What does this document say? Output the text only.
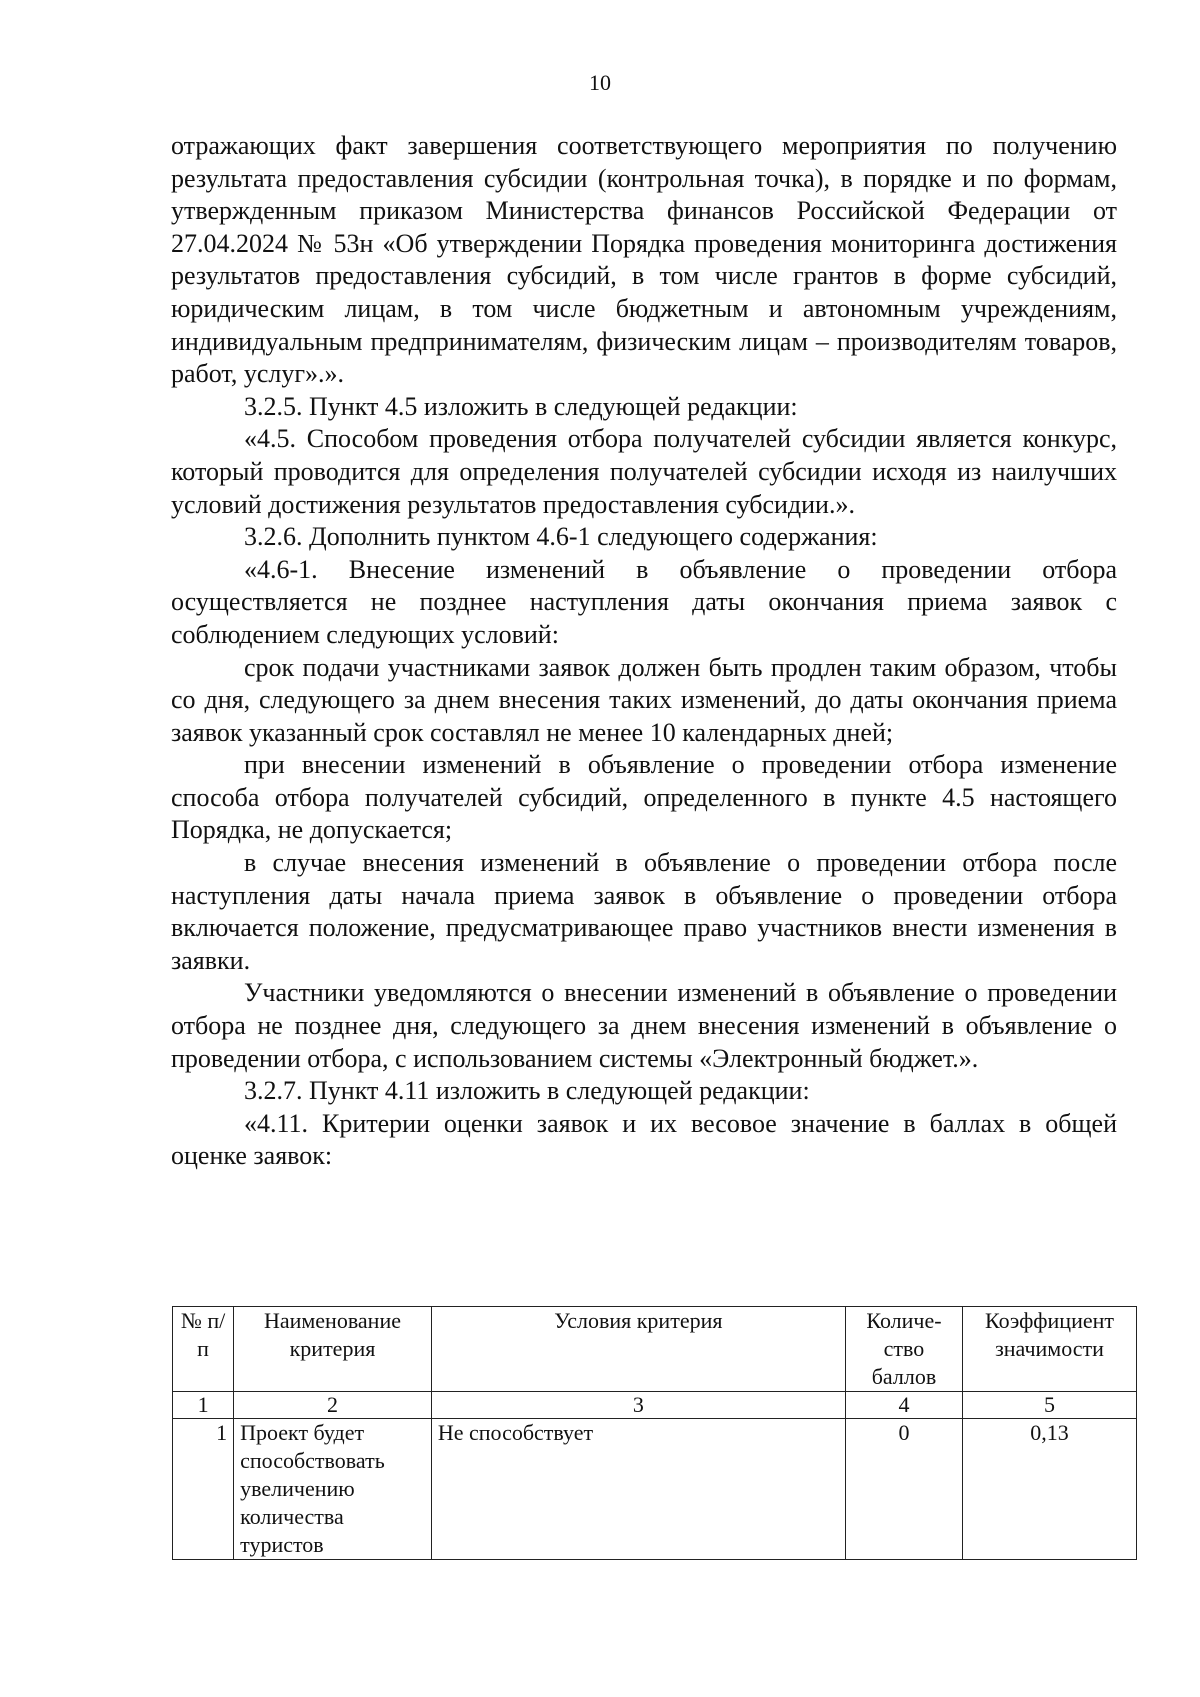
10

отражающих факт завершения соответствующего мероприятия по получению результата предоставления субсидии (контрольная точка), в порядке и по формам, утвержденным приказом Министерства финансов Российской Федерации от 27.04.2024 № 53н «Об утверждении Порядка проведения мониторинга достижения результатов предоставления субсидий, в том числе грантов в форме субсидий, юридическим лицам, в том числе бюджетным и автономным учреждениям, индивидуальным предпринимателям, физическим лицам – производителям товаров, работ, услуг».».

3.2.5. Пункт 4.5 изложить в следующей редакции:

«4.5. Способом проведения отбора получателей субсидии является конкурс, который проводится для определения получателей субсидии исходя из наилучших условий достижения результатов предоставления субсидии.».

3.2.6. Дополнить пунктом 4.6-1 следующего содержания:

«4.6-1. Внесение изменений в объявление о проведении отбора осуществляется не позднее наступления даты окончания приема заявок с соблюдением следующих условий:

срок подачи участниками заявок должен быть продлен таким образом, чтобы со дня, следующего за днем внесения таких изменений, до даты окончания приема заявок указанный срок составлял не менее 10 календарных дней;

при внесении изменений в объявление о проведении отбора изменение способа отбора получателей субсидий, определенного в пункте 4.5 настоящего Порядка, не допускается;

в случае внесения изменений в объявление о проведении отбора после наступления даты начала приема заявок в объявление о проведении отбора включается положение, предусматривающее право участников внести изменения в заявки.

Участники уведомляются о внесении изменений в объявление о проведении отбора не позднее дня, следующего за днем внесения изменений в объявление о проведении отбора, с использованием системы «Электронный бюджет.».

3.2.7. Пункт 4.11 изложить в следующей редакции:

«4.11. Критерии оценки заявок и их весовое значение в баллах в общей оценке заявок:

№ п/п	Наименование критерия	Условия критерия	Количе-ство баллов	Коэффициент значимости
1	2	3	4	5
1	Проект будет способствовать увеличению количества туристов	Не способствует	0	0,13
